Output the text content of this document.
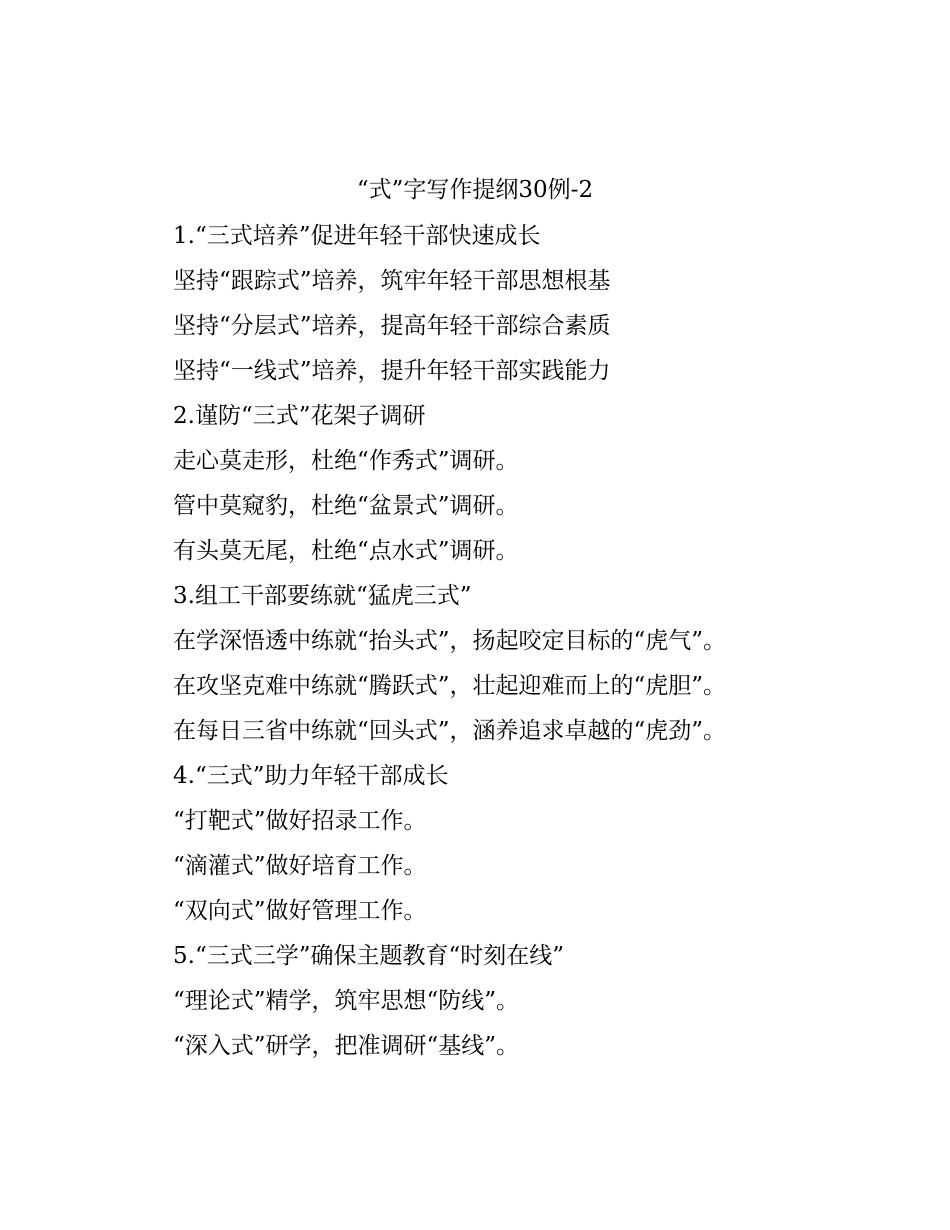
“式”字写作提纲30例-2
1.“三式培养”促进年轻干部快速成长
坚持“跟踪式”培养，筑牢年轻干部思想根基
坚持“分层式”培养，提高年轻干部综合素质
坚持“一线式”培养，提升年轻干部实践能力
2.谨防“三式”花架子调研
走心莫走形，杜绝“作秀式”调研。
管中莫窥豹，杜绝“盆景式”调研。
有头莫无尾，杜绝“点水式”调研。
3.组工干部要练就“猛虎三式”
在学深悟透中练就“抬头式”，扬起咬定目标的“虎气”。
在攻坚克难中练就“腾跃式”，壮起迎难而上的“虎胆”。
在每日三省中练就“回头式”，涵养追求卓越的“虎劲”。
4.“三式”助力年轻干部成长
“打靶式”做好招录工作。
“滴灌式”做好培育工作。
“双向式”做好管理工作。
5.“三式三学”确保主题教育“时刻在线”
“理论式”精学，筑牢思想“防线”。
“深入式”研学，把准调研“基线”。
